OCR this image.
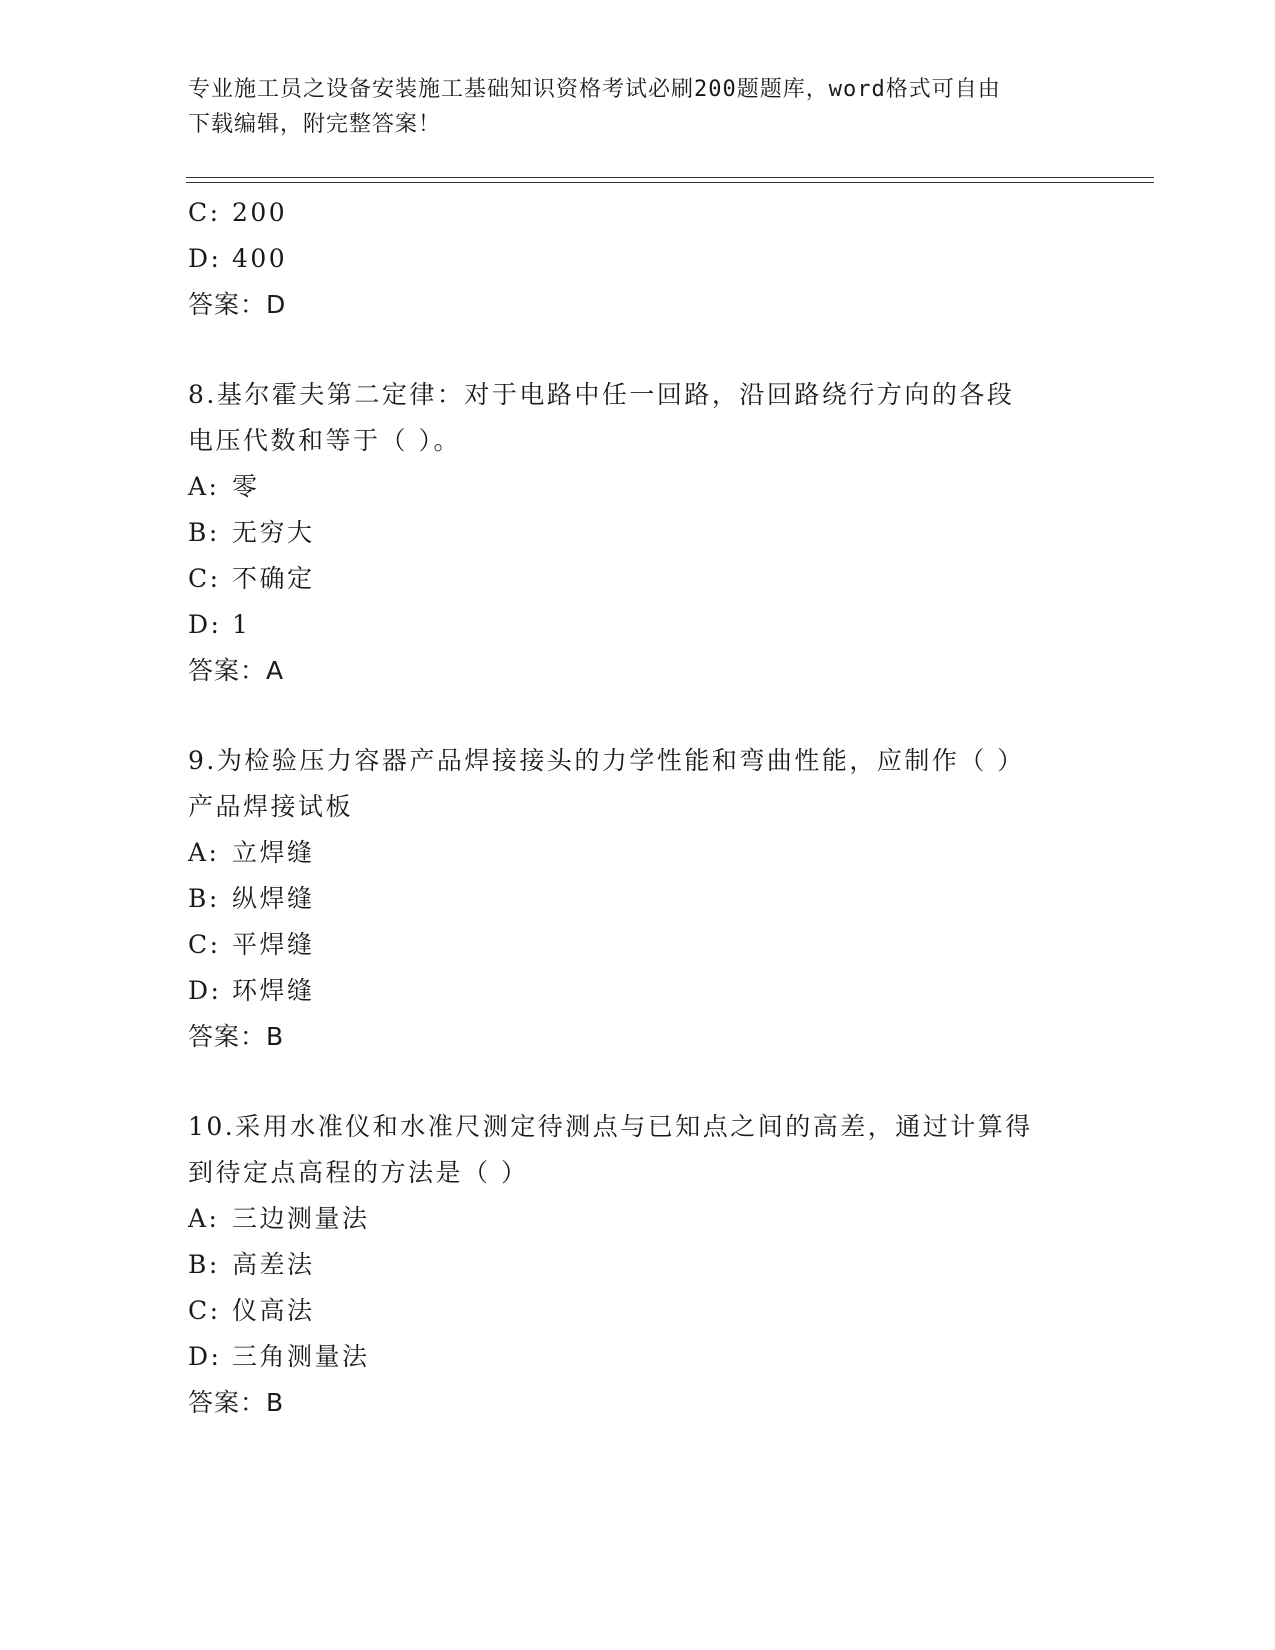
专业施工员之设备安装施工基础知识资格考试必刷200题题库，word格式可自由
下载编辑，附完整答案！
C: 200
D: 400
答案：D
8.基尔霍夫第二定律：对于电路中任一回路，沿回路绕行方向的各段
电压代数和等于（ ）。
A: 零
B: 无穷大
C: 不确定
D: 1
答案：A
9.为检验压力容器产品焊接接头的力学性能和弯曲性能，应制作（ ）
产品焊接试板
A: 立焊缝
B: 纵焊缝
C: 平焊缝
D: 环焊缝
答案：B
10.采用水准仪和水准尺测定待测点与已知点之间的高差，通过计算得
到待定点高程的方法是（ ）
A: 三边测量法
B: 高差法
C: 仪高法
D: 三角测量法
答案：B
